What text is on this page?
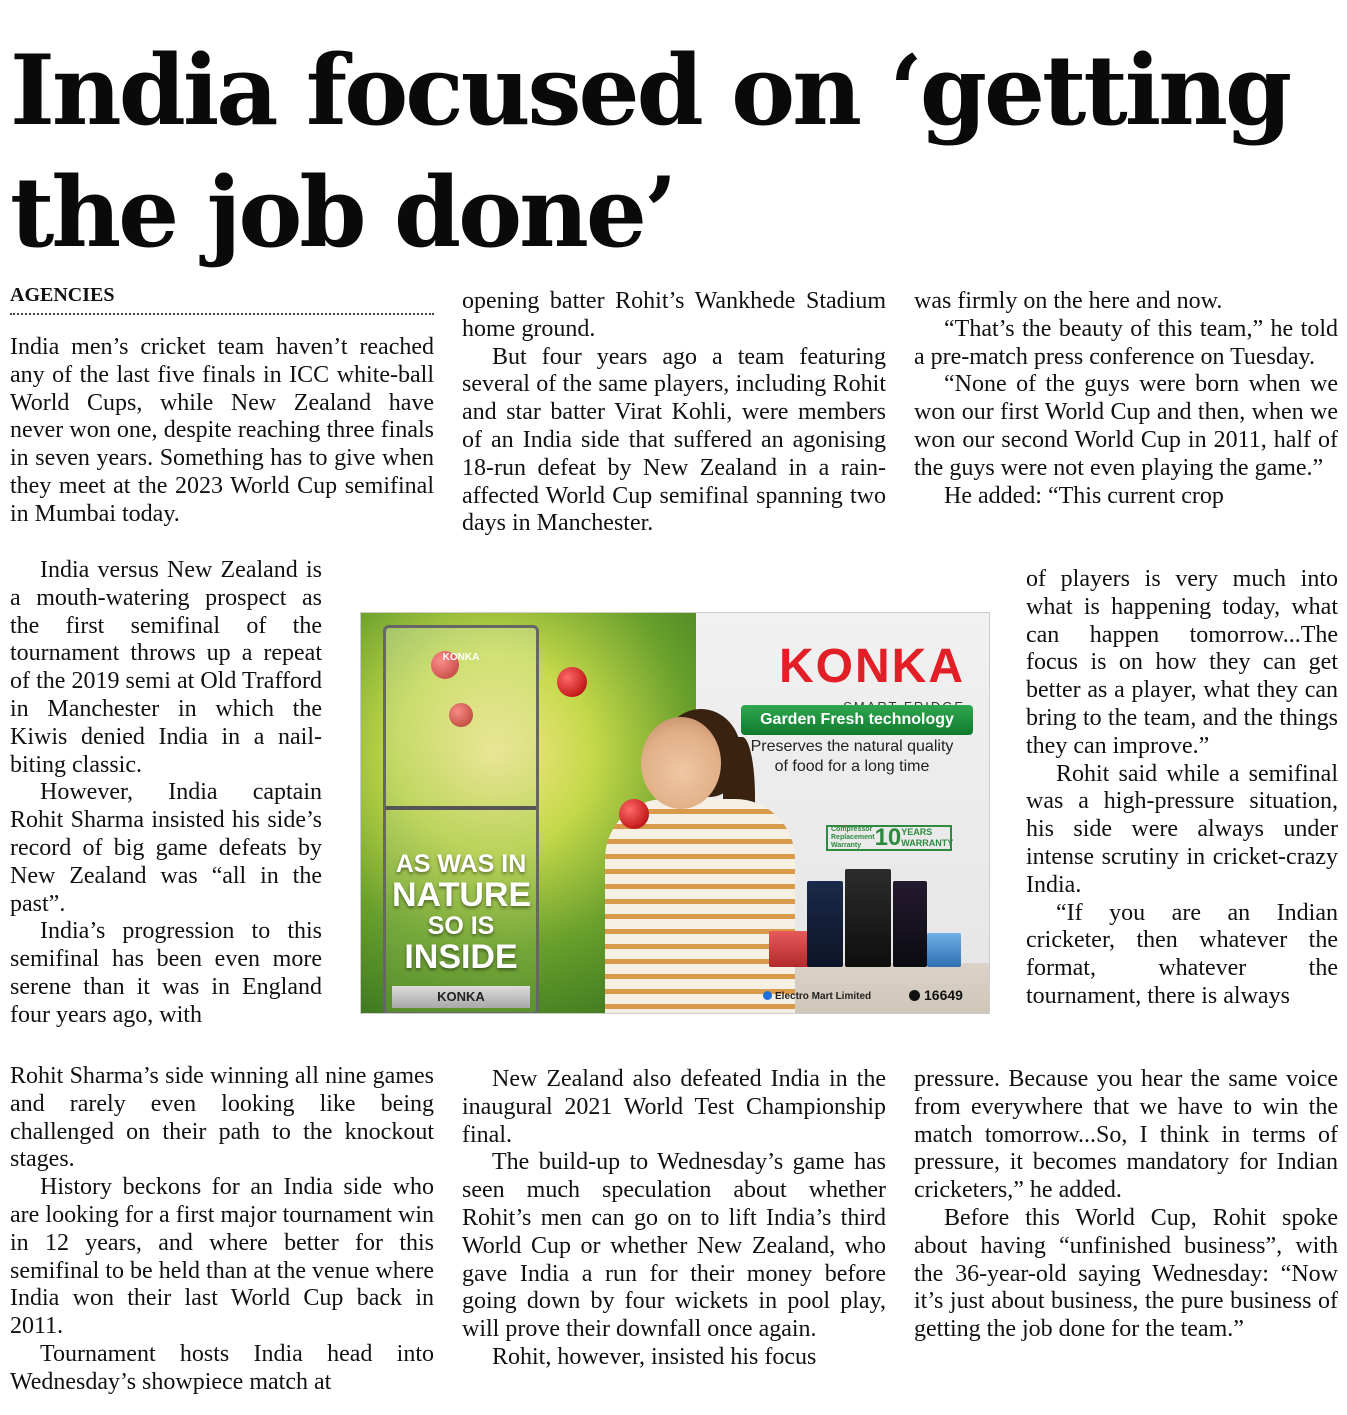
India focused on ‘getting the job done’
AGENCIES

India men’s cricket team haven’t reached any of the last five finals in ICC white-ball World Cups, while New Zealand have never won one, despite reaching three finals in seven years. Something has to give when they meet at the 2023 World Cup semifinal in Mumbai today.

India versus New Zealand is a mouth-watering prospect as the first semifinal of the tournament throws up a repeat of the 2019 semi at Old Trafford in Manchester in which the Kiwis denied India in a nail-biting classic.

However, India captain Rohit Sharma insisted his side’s record of big game defeats by New Zealand was “all in the past”.

India’s progression to this semifinal has been even more serene than it was in England four years ago, with

Rohit Sharma’s side winning all nine games and rarely even looking like being challenged on their path to the knockout stages.

History beckons for an India side who are looking for a first major tournament win in 12 years, and where better for this semifinal to be held than at the venue where India won their last World Cup back in 2011.

Tournament hosts India head into Wednesday’s showpiece match at

opening batter Rohit’s Wankhede Stadium home ground.

But four years ago a team featuring several of the same players, including Rohit and star batter Virat Kohli, were members of an India side that suffered an agonising 18-run defeat by New Zealand in a rain-affected World Cup semifinal spanning two days in Manchester.

New Zealand also defeated India in the inaugural 2021 World Test Championship final.

The build-up to Wednesday’s game has seen much speculation about whether Rohit’s men can go on to lift India’s third World Cup or whether New Zealand, who gave India a run for their money before going down by four wickets in pool play, will prove their downfall once again.

Rohit, however, insisted his focus

was firmly on the here and now.

“That’s the beauty of this team,” he told a pre-match press conference on Tuesday.

“None of the guys were born when we won our first World Cup and then, when we won our second World Cup in 2011, half of the guys were not even playing the game.”

He added: “This current crop

of players is very much into what is happening today, what can happen tomorrow...The focus is on how they can get better as a player, what they can bring to the team, and the things they can improve.”

Rohit said while a semifinal was a high-pressure situation, his side were always under intense scrutiny in cricket-crazy India.

“If you are an Indian cricketer, then whatever the format, whatever the tournament, there is always

pressure. Because you hear the same voice from everywhere that we have to win the match tomorrow...So, I think in terms of pressure, it becomes mandatory for Indian cricketers,” he added.

Before this World Cup, Rohit spoke about having “unfinished business”, with the 36-year-old saying Wednesday: “Now it’s just about business, the pure business of getting the job done for the team.”

KONKA
AS WAS IN
NATURE
SO IS
INSIDE
KONKA
KONKA
Garden Fresh technology
Preserves the natural quality
of food for a long time
Compressor Replacement Warranty 10 YEARS WARRANTY
Electro Mart Limited	16649
